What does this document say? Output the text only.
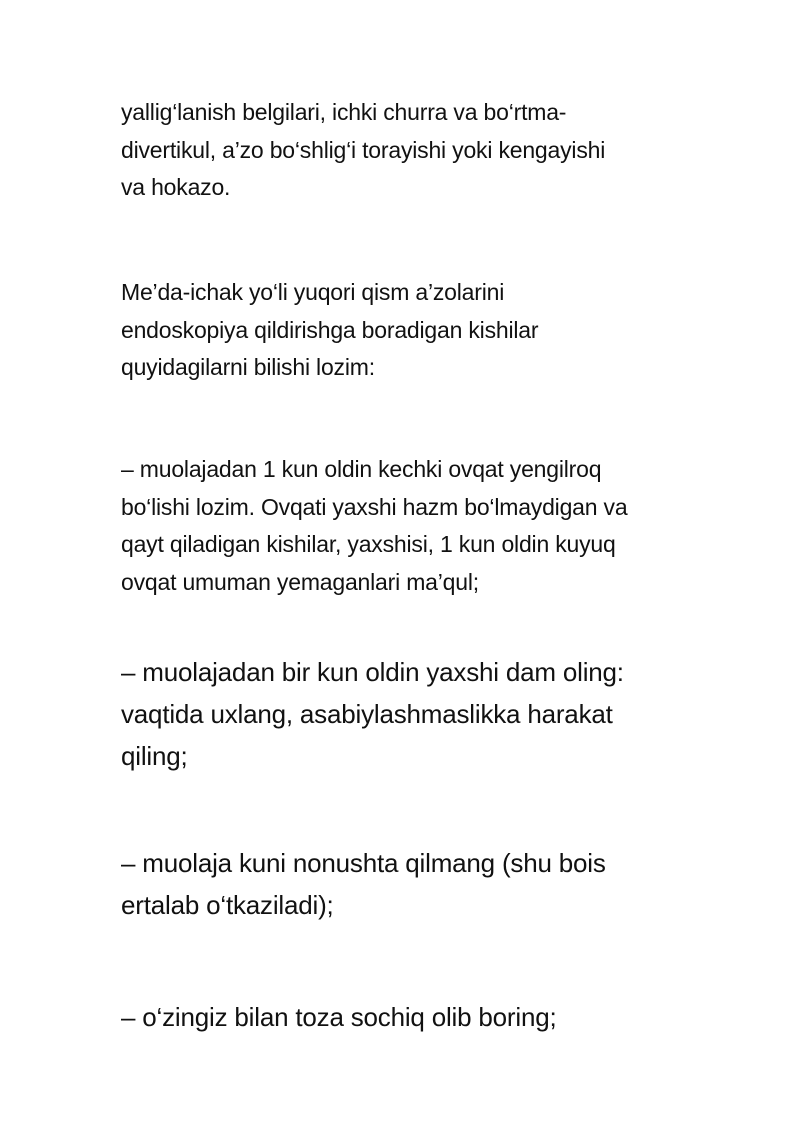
yallig‘lanish belgilari, ichki churra va bo‘rtma-
divertikul, a’zo bo‘shlig‘i torayishi yoki kengayishi
va hokazo.

Me’da-ichak yo‘li yuqori qism a’zolarini
endoskopiya qildirishga boradigan kishilar
quyidagilarni bilishi lozim:

– muolajadan 1 kun oldin kechki ovqat yengilroq
bo‘lishi lozim. Ovqati yaxshi hazm bo‘lmaydigan va
qayt qiladigan kishilar, yaxshisi, 1 kun oldin kuyuq
ovqat umuman yemaganlari ma’qul;

– muolajadan bir kun oldin yaxshi dam oling:
vaqtida uxlang, asabiylashmaslikka harakat
qiling;

– muolaja kuni nonushta qilmang (shu bois
ertalab o‘tkaziladi);

– o‘zingiz bilan toza sochiq olib boring;
